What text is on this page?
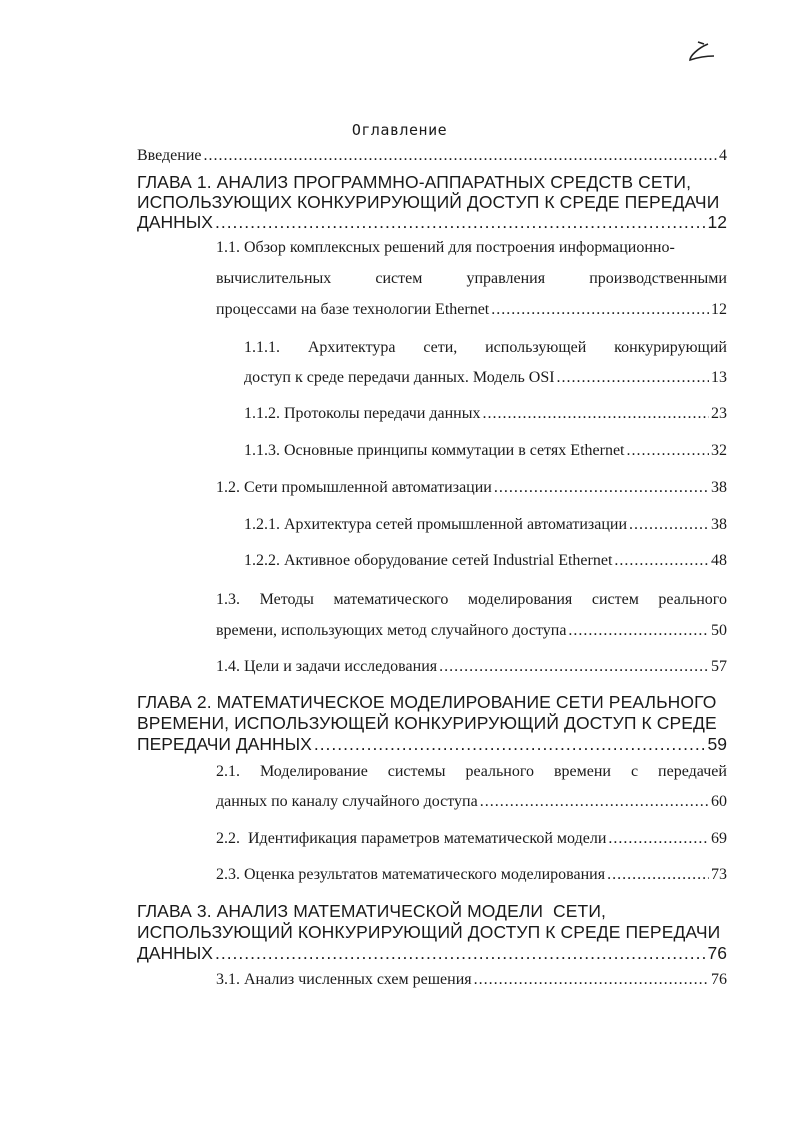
Оглавление
Введение .....	4
ГЛАВА 1. АНАЛИЗ ПРОГРАММНО-АППАРАТНЫХ СРЕДСТВ СЕТИ,
ИСПОЛЬЗУЮЩИХ КОНКУРИРУЮЩИЙ ДОСТУП К СРЕДЕ ПЕРЕДАЧИ
ДАННЫХ .....	12
1.1. Обзор комплексных решений для построения информационно-
вычислительных	систем	управления	производственными
процессами на базе технологии Ethernet .....	12
1.1.1. Архитектура сети, использующей конкурирующий
доступ к среде передачи данных. Модель OSI .....	13
1.1.2. Протоколы передачи данных .....	23
1.1.3. Основные принципы коммутации в сетях Ethernet .....	32
1.2. Сети промышленной автоматизации .....	38
1.2.1. Архитектура сетей промышленной автоматизации .....	38
1.2.2. Активное оборудование сетей Industrial Ethernet .....	48
1.3. Методы математического моделирования систем реального
времени, использующих метод случайного доступа .....	50
1.4. Цели и задачи исследования .....	57
ГЛАВА 2. МАТЕМАТИЧЕСКОЕ МОДЕЛИРОВАНИЕ СЕТИ РЕАЛЬНОГО
ВРЕМЕНИ, ИСПОЛЬЗУЮЩЕЙ КОНКУРИРУЮЩИЙ ДОСТУП К СРЕДЕ
ПЕРЕДАЧИ ДАННЫХ .....	59
2.1. Моделирование системы реального времени с передачей
данных по каналу случайного доступа .....	60
2.2.  Идентификация параметров математической модели .....	69
2.3. Оценка результатов математического моделирования .....	73
ГЛАВА 3. АНАЛИЗ МАТЕМАТИЧЕСКОЙ МОДЕЛИ  СЕТИ,
ИСПОЛЬЗУЮЩИЙ КОНКУРИРУЮЩИЙ ДОСТУП К СРЕДЕ ПЕРЕДАЧИ
ДАННЫХ .....	76
3.1. Анализ численных схем решения .....	76
